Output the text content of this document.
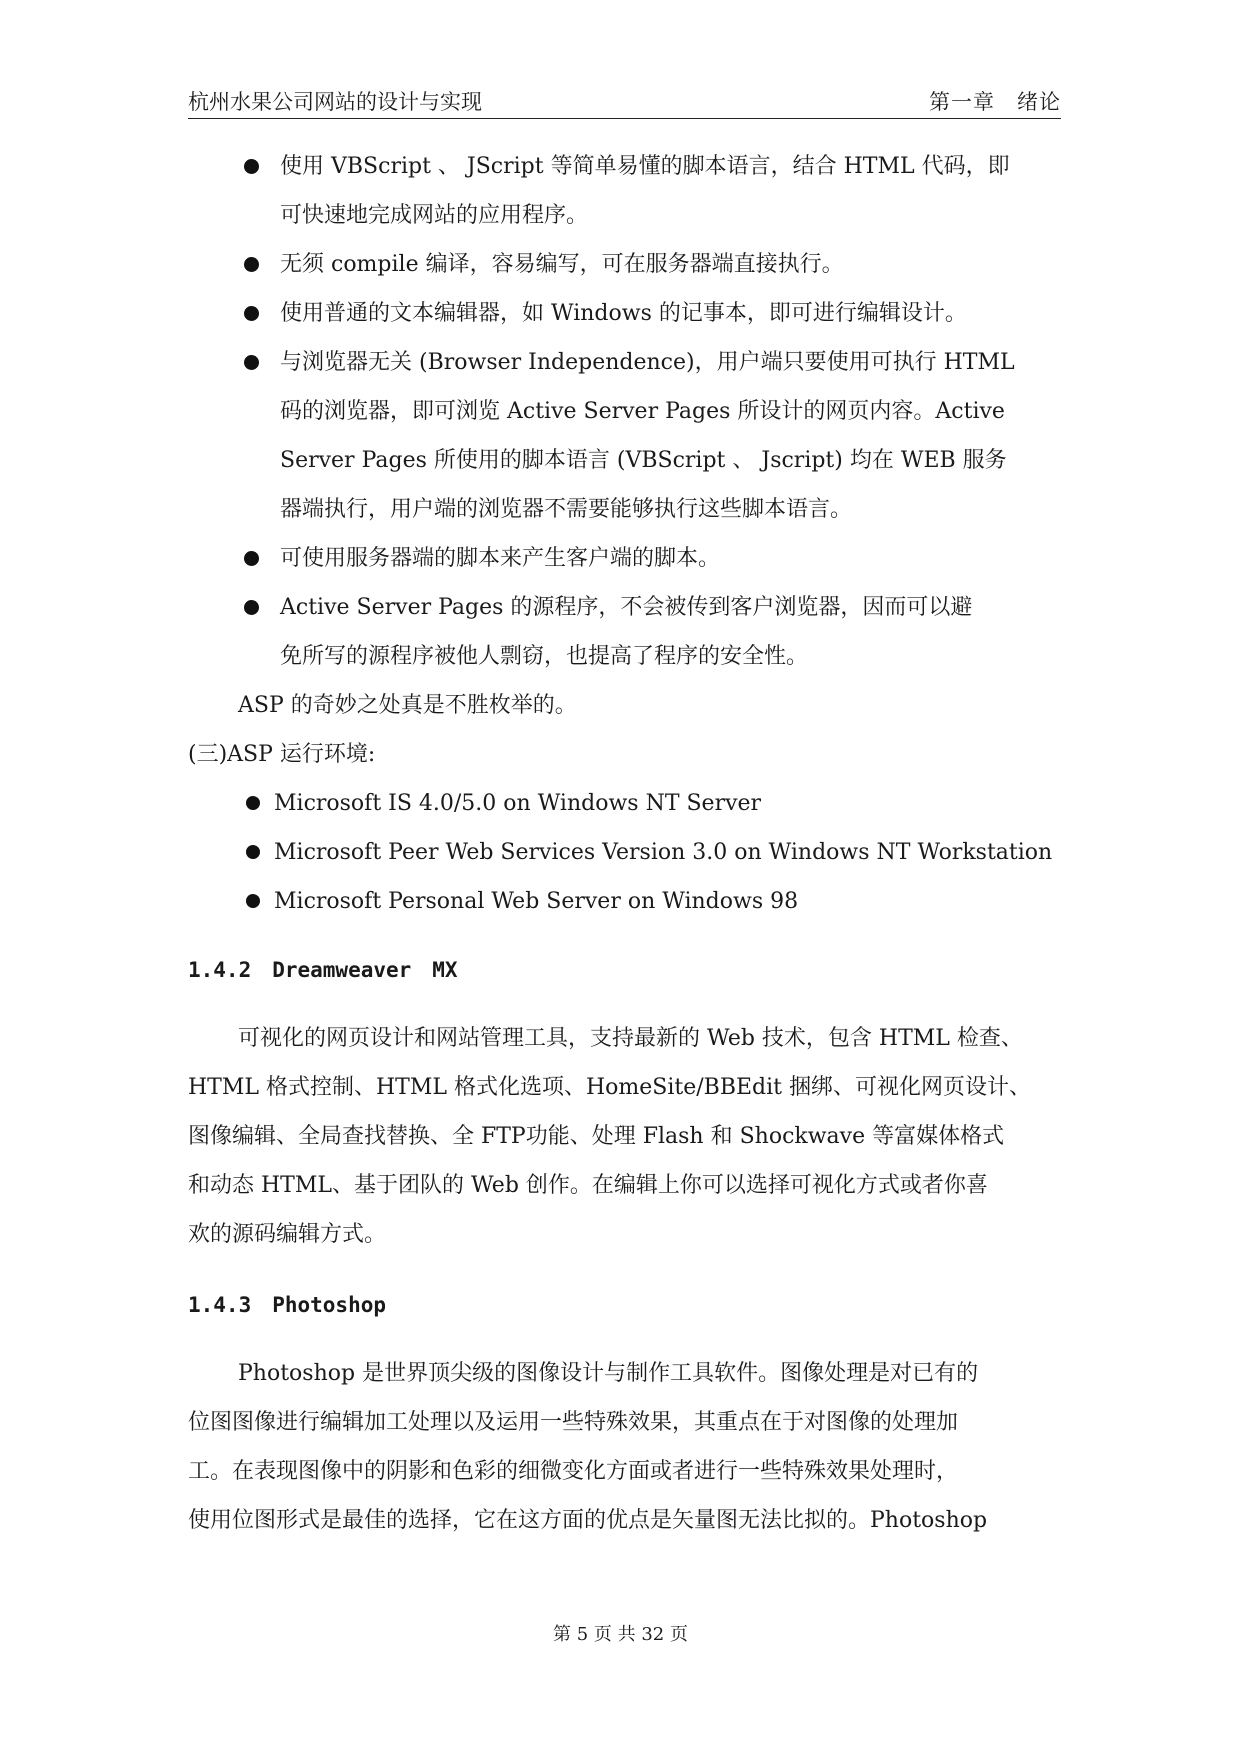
杭州水果公司网站的设计与实现	第一章　绪论
使用 VBScript 、 JScript 等简单易懂的脚本语言，结合 HTML 代码，即
可快速地完成网站的应用程序。
无须 compile 编译，容易编写，可在服务器端直接执行。
使用普通的文本编辑器，如 Windows 的记事本，即可进行编辑设计。
与浏览器无关 (Browser Independence)，用户端只要使用可执行 HTML
码的浏览器，即可浏览 Active Server Pages 所设计的网页内容。Active
Server Pages 所使用的脚本语言 (VBScript 、 Jscript) 均在 WEB 服务
器端执行，用户端的浏览器不需要能够执行这些脚本语言。
可使用服务器端的脚本来产生客户端的脚本。
Active Server Pages 的源程序，不会被传到客户浏览器，因而可以避
免所写的源程序被他人剽窃，也提高了程序的安全性。
ASP 的奇妙之处真是不胜枚举的。
(三)ASP 运行环境:
Microsoft IS 4.0/5.0 on Windows NT Server
Microsoft Peer Web Services Version 3.0 on Windows NT Workstation
Microsoft Personal Web Server on Windows 98
1.4.2　Dreamweaver　MX
可视化的网页设计和网站管理工具，支持最新的 Web 技术，包含 HTML 检查、
HTML 格式控制、HTML 格式化选项、HomeSite/BBEdit 捆绑、可视化网页设计、
图像编辑、全局查找替换、全 FTP功能、处理 Flash 和 Shockwave 等富媒体格式
和动态 HTML、基于团队的 Web 创作。在编辑上你可以选择可视化方式或者你喜
欢的源码编辑方式。
1.4.3　Photoshop
Photoshop 是世界顶尖级的图像设计与制作工具软件。图像处理是对已有的
位图图像进行编辑加工处理以及运用一些特殊效果，其重点在于对图像的处理加
工。在表现图像中的阴影和色彩的细微变化方面或者进行一些特殊效果处理时，
使用位图形式是最佳的选择，它在这方面的优点是矢量图无法比拟的。Photoshop
第 5 页 共 32 页
